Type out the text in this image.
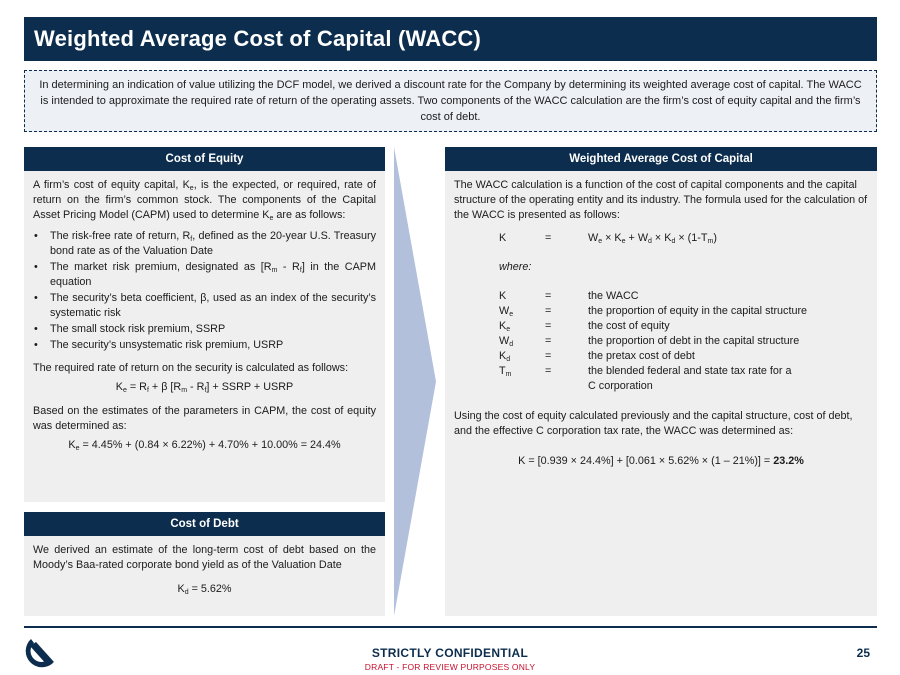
Weighted Average Cost of Capital (WACC)
In determining an indication of value utilizing the DCF model, we derived a discount rate for the Company by determining its weighted average cost of capital. The WACC is intended to approximate the required rate of return of the operating assets. Two components of the WACC calculation are the firm’s cost of equity capital and the firm’s cost of debt.
Cost of Equity

A firm’s cost of equity capital, $K_e$, is the expected, or required, rate of return on the firm’s common stock. The components of the Capital Asset Pricing Model (CAPM) used to determine $K_e$ are as follows:

• The risk-free rate of return, $R_f$, defined as the 20-year U.S. Treasury bond rate as of the Valuation Date
• The market risk premium, designated as $[R_m - R_f]$ in the CAPM equation
• The security’s beta coefficient, β, used as an index of the security’s systematic risk
• The small stock risk premium, SSRP
• The security’s unsystematic risk premium, USRP

The required rate of return on the security is calculated as follows:

$K_e = R_f + \beta$ $[R_m - R_f]$ + SSRP + USRP

Based on the estimates of the parameters in CAPM, the cost of equity was determined as:

$K_e = 4.45\% + (0.84 \times 6.22\%) + 4.70\% + 10.00\% = 24.4\%$

Cost of Debt

We derived an estimate of the long-term cost of debt based on the Moody’s Baa-rated corporate bond yield as of the Valuation Date

$K_d = 5.62\%$

Weighted Average Cost of Capital

The WACC calculation is a function of the cost of capital components and the capital structure of the operating entity and its industry. The formula used for the calculation of the WACC is presented as follows:

K	=	$W_e \times K_e + W_d \times K_d \times (1-T_m)$

where:

K	=	the WACC
$W_e$	=	the proportion of equity in the capital structure
$K_e$	=	the cost of equity
$W_d$	=	the proportion of debt in the capital structure
$K_d$	=	the pretax cost of debt
$T_m$	=	the blended federal and state tax rate for a
C corporation

Using the cost of equity calculated previously and the capital structure, cost of debt, and the effective C corporation tax rate, the WACC was determined as:

K = [0.939 × 24.4%] + [0.061 × 5.62% × (1 – 21%)] = 23.2%

STRICTLY CONFIDENTIAL
DRAFT - FOR REVIEW PURPOSES ONLY
25
